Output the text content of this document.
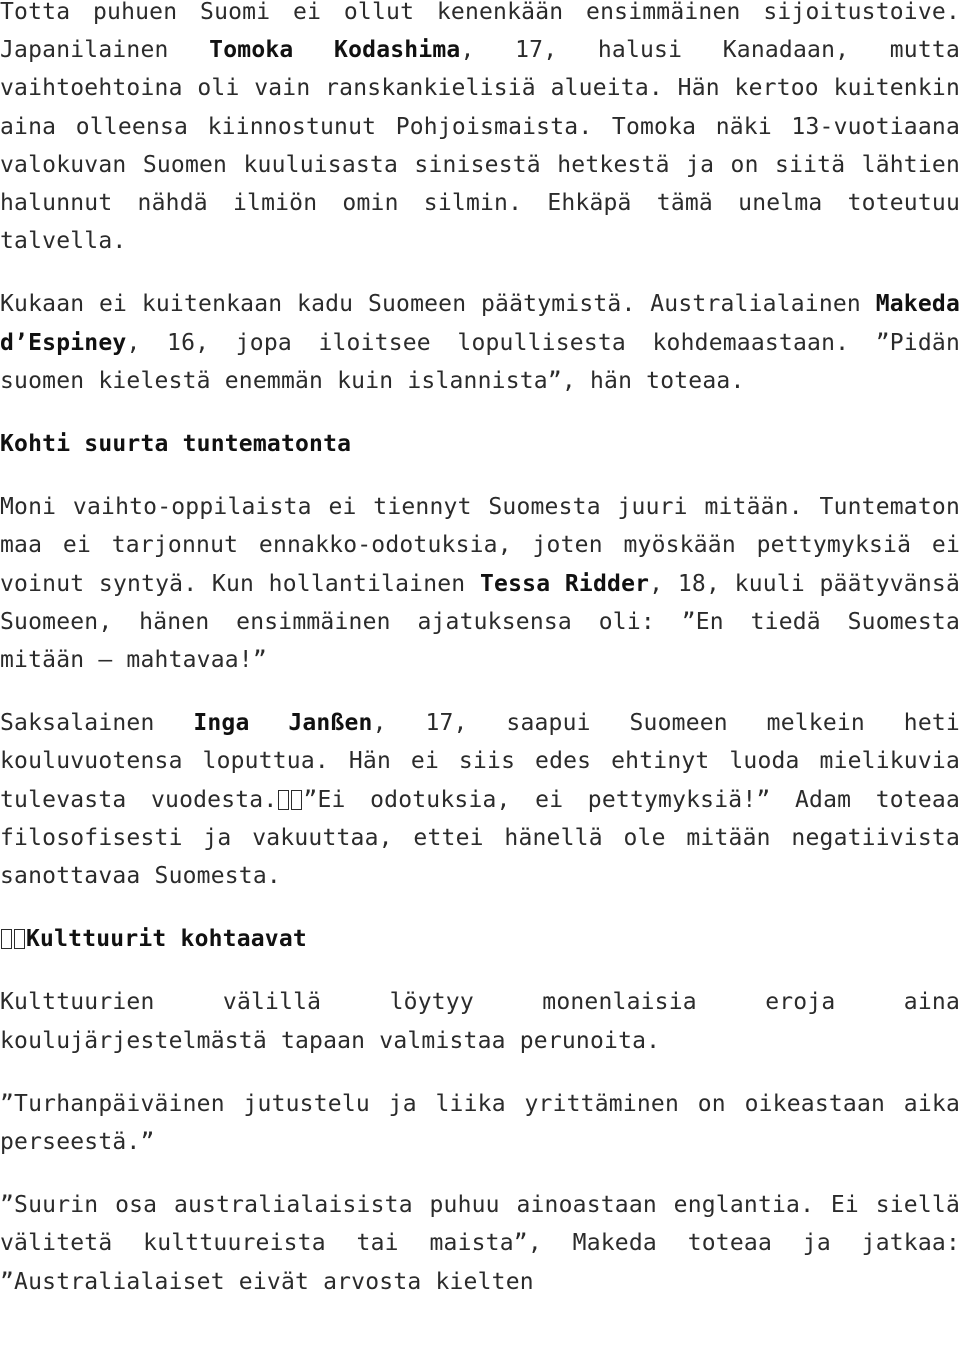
Totta puhuen Suomi ei ollut kenenkään ensimmäinen sijoitustoive. Japanilainen Tomoka Kodashima, 17, halusi Kanadaan, mutta vaihtoehtoina oli vain ranskankielisiä alueita. Hän kertoo kuitenkin aina olleensa kiinnostunut Pohjoismaista. Tomoka näki 13-vuotiaana valokuvan Suomen kuuluisasta sinisestä hetkestä ja on siitä lähtien halunnut nähdä ilmiön omin silmin. Ehkäpä tämä unelma toteutuu talvella.

Kukaan ei kuitenkaan kadu Suomeen päätymistä. Australialainen Makeda d’Espiney, 16, jopa iloitsee lopullisesta kohdemaastaan. ”Pidän suomen kielestä enemmän kuin islannista”, hän toteaa.

Kohti suurta tuntematonta

Moni vaihto-oppilaista ei tiennyt Suomesta juuri mitään. Tuntematon maa ei tarjonnut ennakko-odotuksia, joten myöskään pettymyksiä ei voinut syntyä. Kun hollantilainen Tessa Ridder, 18, kuuli päätyvänsä Suomeen, hänen ensimmäinen ajatuksensa oli: ”En tiedä Suomesta mitään – mahtavaa!”

Saksalainen Inga Janßen, 17, saapui Suomeen melkein heti kouluvuotensa loputtua. Hän ei siis edes ehtinyt luoda mielikuvia tulevasta vuodesta. ”Ei odotuksia, ei pettymyksiä!” Adam toteaa filosofisesti ja vakuuttaa, ettei hänellä ole mitään negatiivista sanottavaa Suomesta.

Kulttuurit kohtaavat

Kulttuurien välillä löytyy monenlaisia eroja aina koulujärjestelmästä tapaan valmistaa perunoita.

”Turhanpäiväinen jutustelu ja liika yrittäminen on oikeastaan aika perseestä.”

”Suurin osa australialaisista puhuu ainoastaan englantia. Ei siellä välitetä kulttuureista tai maista”, Makeda toteaa ja jatkaa: ”Australialaiset eivät arvosta kielten
